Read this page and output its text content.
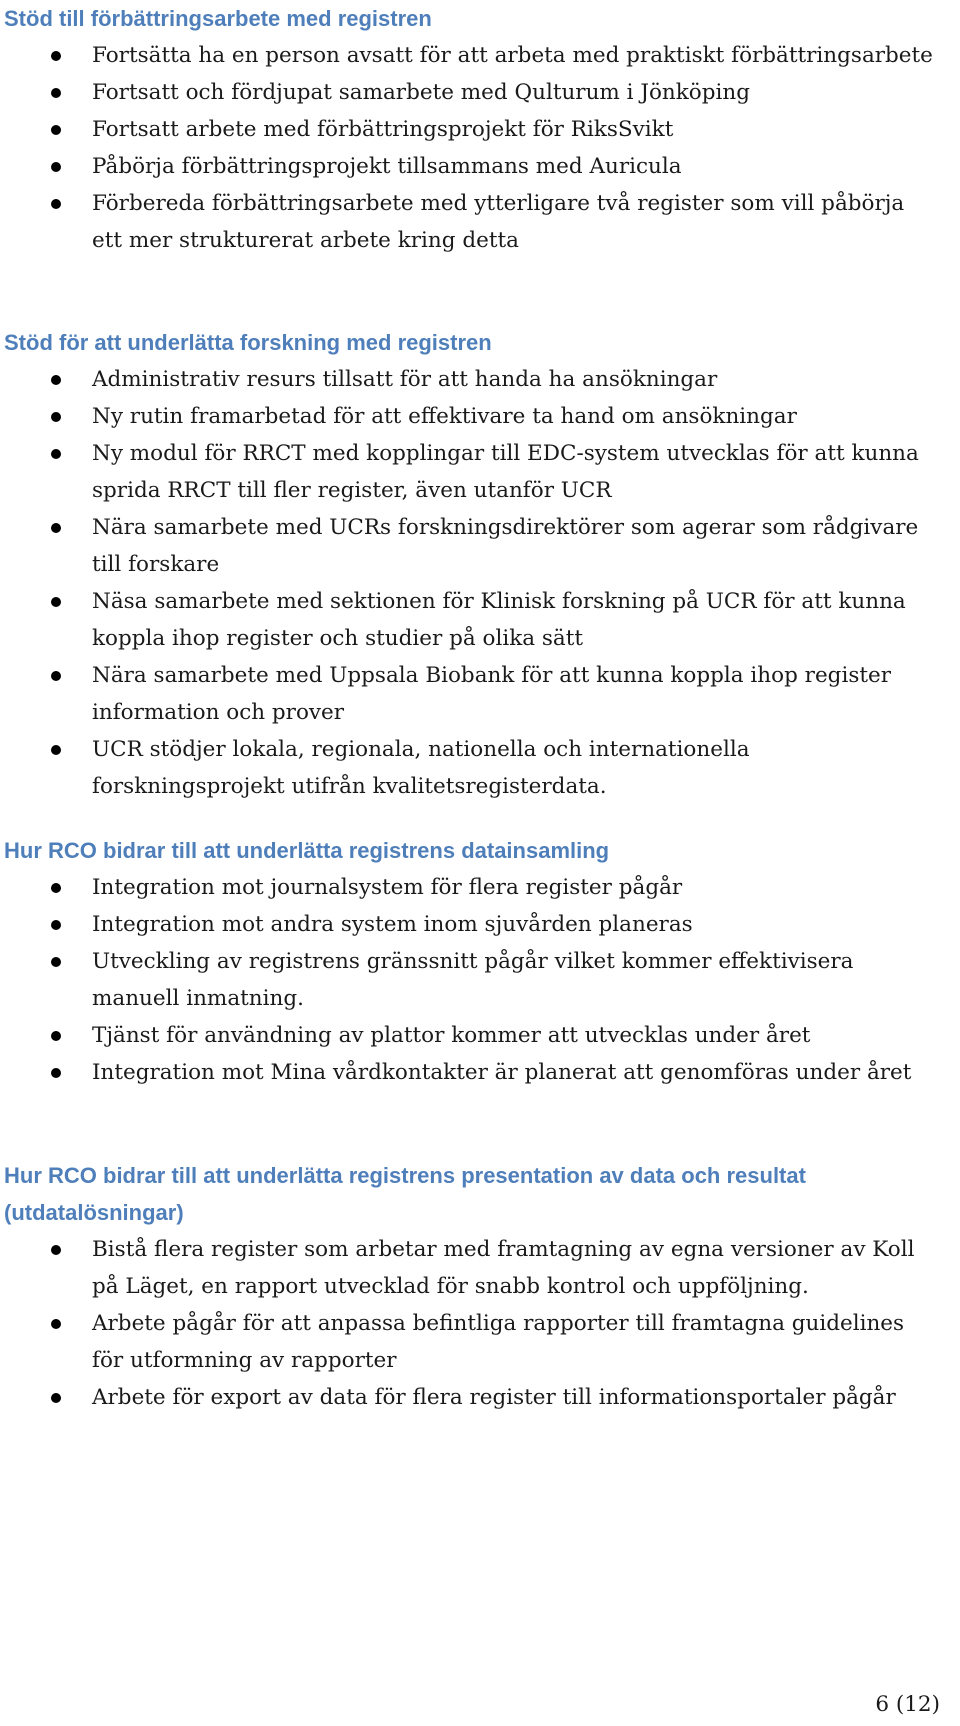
Stöd till förbättringsarbete med registren
Fortsätta ha en person avsatt för att arbeta med praktiskt förbättringsarbete
Fortsatt och fördjupat samarbete med Qulturum i Jönköping
Fortsatt arbete med förbättringsprojekt för RiksSvikt
Påbörja förbättringsprojekt tillsammans med Auricula
Förbereda förbättringsarbete med ytterligare två register som vill påbörja ett mer strukturerat arbete kring detta
Stöd för att underlätta forskning med registren
Administrativ resurs tillsatt för att handa ha ansökningar
Ny rutin framarbetad för att effektivare ta hand om ansökningar
Ny modul för RRCT med kopplingar till EDC-system utvecklas för att kunna sprida RRCT till fler register, även utanför UCR
Nära samarbete med UCRs forskningsdirektörer som agerar som rådgivare till forskare
Näsa samarbete med sektionen för Klinisk forskning på UCR för att kunna koppla ihop register och studier på olika sätt
Nära samarbete med Uppsala Biobank för att kunna koppla ihop register information och prover
UCR stödjer lokala, regionala, nationella och internationella forskningsprojekt utifrån kvalitetsregisterdata.
Hur RCO bidrar till att underlätta registrens datainsamling
Integration mot journalsystem för flera register pågår
Integration mot andra system inom sjuvården planeras
Utveckling av registrens gränssnitt pågår vilket kommer effektivisera manuell inmatning.
Tjänst för användning av plattor kommer att utvecklas under året
Integration mot Mina vårdkontakter är planerat att genomföras under året
Hur RCO bidrar till att underlätta registrens presentation av data och resultat (utdatalösningar)
Bistå flera register som arbetar med framtagning av egna versioner av Koll på Läget, en rapport utvecklad för snabb kontrol och uppföljning.
Arbete pågår för att anpassa befintliga rapporter till framtagna guidelines för utformning av rapporter
Arbete för export av data för flera register till informationsportaler pågår
6 (12)
